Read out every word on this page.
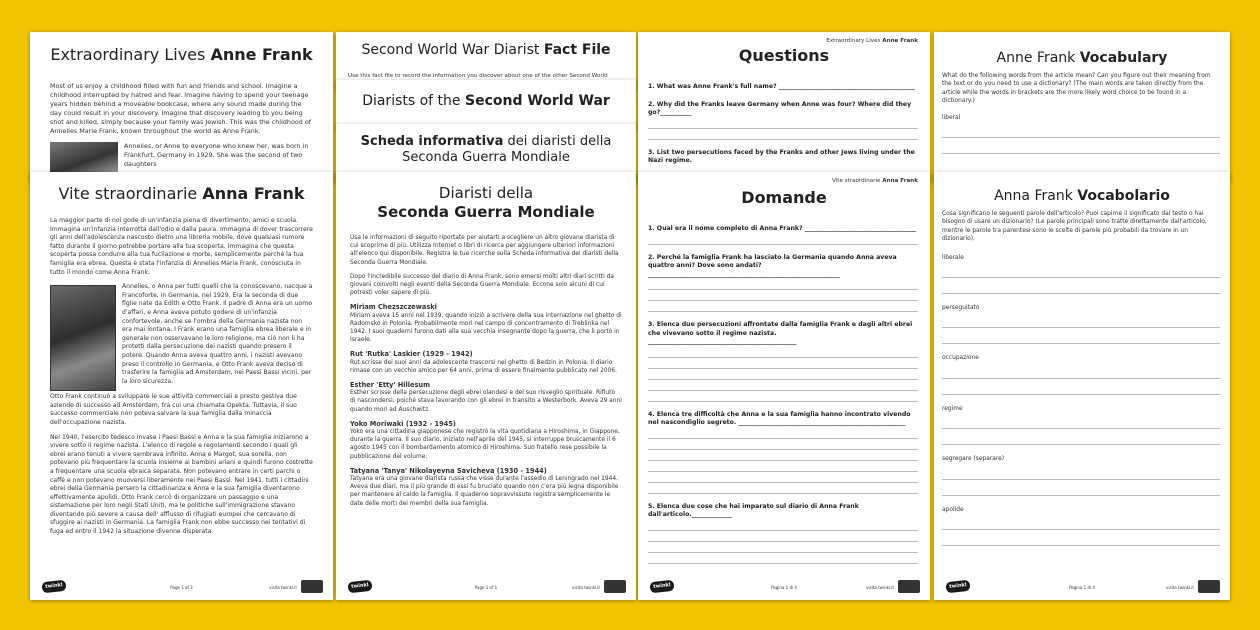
Extraordinary Lives Anne Frank

Most of us enjoy a childhood filled with fun and friends and school. Imagine a childhood interrupted by hatred and fear. Imagine having to spend your teenage years hidden behind a moveable bookcase, where any sound made during the day could result in your discovery. Imagine that discovery leading to you being shot and killed, simply because your family was Jewish. This was the childhood of Annelies Marie Frank, known throughout the world as Anne Frank.

Annelies, or Anne to everyone who knew her, was born in Frankfurt, Germany in 1929. She was the second of two daughters

Vite straordinarie Anna Frank

La maggior parte di noi gode di un'infanzia piena di divertimento, amici e scuola. Immagina un'infanzia interrotta dall'odio e dalla paura. Immagina di dover trascorrere gli anni dell'adolescenza nascosto dietro una libreria mobile, dove qualsiasi rumore fatto durante il giorno potrebbe portare alla tua scoperta. Immagina che questa scoperta possa condurre alla tua fucilazione e morte, semplicemente perché la tua famiglia era ebrea. Questa è stata l'infanzia di Annelies Maria Frank, conosciuta in tutto il mondo come Anna Frank.

Annelies, o Anna per tutti quelli che la conoscevano, nacque a Francoforte, in Germania, nel 1929. Era la seconda di due figlie nate da Edith e Otto Frank. Il padre di Anna era un uomo d'affari, e Anna aveva potuto godere di un'infanzia confortevole, anche se l'ombra della Germania nazista non era mai lontana. I Frank erano una famiglia ebrea liberale e in generale non osservavano le loro religione, ma ciò non li ha protetti dalla persecuzione dei nazisti quando presero il potere. Quando Anna aveva quattro anni, i nazisti avevano preso il controllo in Germania, e Otto Frank aveva deciso di trasferire la famiglia ad Amsterdam, nei Paesi Bassi vicini, per la loro sicurezza.

Otto Frank continuò a sviluppare le sue attività commerciali e presto gestiva due aziende di successo ad Amsterdam, tra cui una chiamata Opekta. Tuttavia, il suo successo commerciale non poteva salvare la sua famiglia dalla minaccia dell'occupazione nazista.

Nel 1940, l'esercito tedesco invase i Paesi Bassi e Anna e la sua famiglia iniziarono a vivere sotto il regime nazista. L'elenco di regole e regolamenti secondo i quali gli ebrei erano tenuti a vivere sembrava infinito. Anna e Margot, sua sorella, non potevano più frequentare la scuola insieme ai bambini ariani e quindi furono costrette a frequentare una scuola ebraica separata. Non potevano entrare in certi parchi o caffè e non potevano muoversi liberamente nei Paesi Bassi. Nel 1941, tutti i cittadini ebrei della Germania persero la cittadinanza e Anna e la sua famiglia diventarono effettivamente apolidi. Otto Frank cercò di organizzare un passaggio e una sistemazione per loro negli Stati Uniti, ma le politiche sull'immigrazione stavano diventando più severe a causa dell' afflusso di rifugiati europei che cercavano di sfuggire ai nazisti in Germania. La famiglia Frank non ebbe successo nei tentativi di fuga ed entro il 1942 la situazione divenne disperata.

twinkl	Page 1 of 3	visita twinkl.it
Second World War Diarist Fact File
Use this fact file to record the information you discover about one of the other Second World
Diarists of the Second World War
Scheda informativa dei diaristi della Seconda Guerra Mondiale
Diaristi della
Seconda Guerra Mondiale

Usa le informazioni di seguito riportate per aiutarti a scegliere un altro giovane diarista di cui scoprirne di più. Utilizza Internet o libri di ricerca per aggiungere ulteriori informazioni all'elenco qui disponibile. Registra le tue ricerche sulla Scheda informativa dei diaristi della Seconda Guerra Mondiale.

Dopo l'incredibile successo del diario di Anna Frank, sono emersi molti altri diari scritti da giovani coinvolti negli eventi della Seconda Guerra Mondiale. Eccone solo alcuni di cui potresti voler sapere di più.

Miriam Chezszczewaski

Miriam aveva 15 anni nel 1939, quando iniziò a scrivere della sua internazione nel ghetto di Radomsko in Polonia. Probabilmente morì nel campo di concentramento di Treblinka nel 1942. I suoi quaderni furono dati alla sua vecchia insegnante dopo la guerra, che li portò in Israele.

Rut 'Rutka' Laskier (1929 - 1942)

Rut scrisse dei suoi anni da adolescente trascorsi nel ghetto di Bedzin in Polonia. Il diario rimase con un vecchio amico per 64 anni, prima di essere finalmente pubblicato nel 2006.

Esther 'Etty' Hillesum

Esther scrisse della persecuzione degli ebrei olandesi e del suo risveglio spirituale. Rifiutò di nascondersi, poiché stava lavorando con gli ebrei in transito a Westerbork. Aveva 29 anni quando morì ad Auschwitz.

Yoko Moriwaki (1932 - 1945)

Yoko era una cittadina giapponese che registrò la vita quotidiana a Hiroshima, in Giappone, durante la guerra. Il suo diario, iniziato nell'aprile del 1945, si interruppe bruscamente il 6 agosto 1945 con il bombardamento atomico di Hiroshima. Suo fratello rese possibile la pubblicazione del volume.

Tatyana 'Tanya' Nikolayevna Savicheva (1930 - 1944)

Tatyana era una giovane diarista russa che visse durante l'assedio di Leningrado nel 1944. Aveva due diari, ma il più grande di essi fu bruciato quando non c'era più legna disponibile per mantenere al caldo la famiglia. Il quaderno sopravvissuto registra semplicemente le date delle morti dei membri della sua famiglia.

twinkl	Page 1 of 1	visita twinkl.it
Extraordinary Lives Anne Frank
Questions
1. What was Anne Frank's full name? ____________________________________________
2. Why did the Franks leave Germany when Anne was four? Where did they go?__________
3. List two persecutions faced by the Franks and other Jews living under the Nazi regime.
Vite straordinarie Anna Frank
Domande
1. Qual era il nome completo di Anna Frank? ____________________________________
2. Perché la famiglia Frank ha lasciato la Germania quando Anna aveva quattro anni? Dove sono andati?______________________________________________________________
3. Elenca due persecuzioni affrontate dalla famiglia Frank e dagli altri ebrei che vivevano sotto il regime nazista. ________________________________________________
4. Elenca tre difficoltà che Anna e la sua famiglia hanno incontrato vivendo nel nascondiglio segreto. ______________________________________________________
5. Elenca due cose che hai imparato sul diario di Anna Frank dall'articolo._____________
twinkl	Pagina 1 di 4	visita twinkl.it
Anne Frank Vocabulary

What do the following words from the article mean? Can you figure out their meaning from the text or do you need to use a dictionary? (The main words are taken directly from the article while the words in brackets are the more likely word choice to be found in a dictionary.)

liberal
Anna Frank Vocabolario

Cosa significano le seguenti parole dell'articolo? Puoi capirne il significato dal testo o hai bisogno di usare un dizionario? (Le parole principali sono tratte direttamente dall'articolo, mentre le parole tra parentesi sono le scelte di parole più probabili da trovare in un dizionario).

liberale
perseguitato
occupazione
regime
segregare (separare)
apolide
twinkl	Pagina 1 di 4	visita twinkl.it
